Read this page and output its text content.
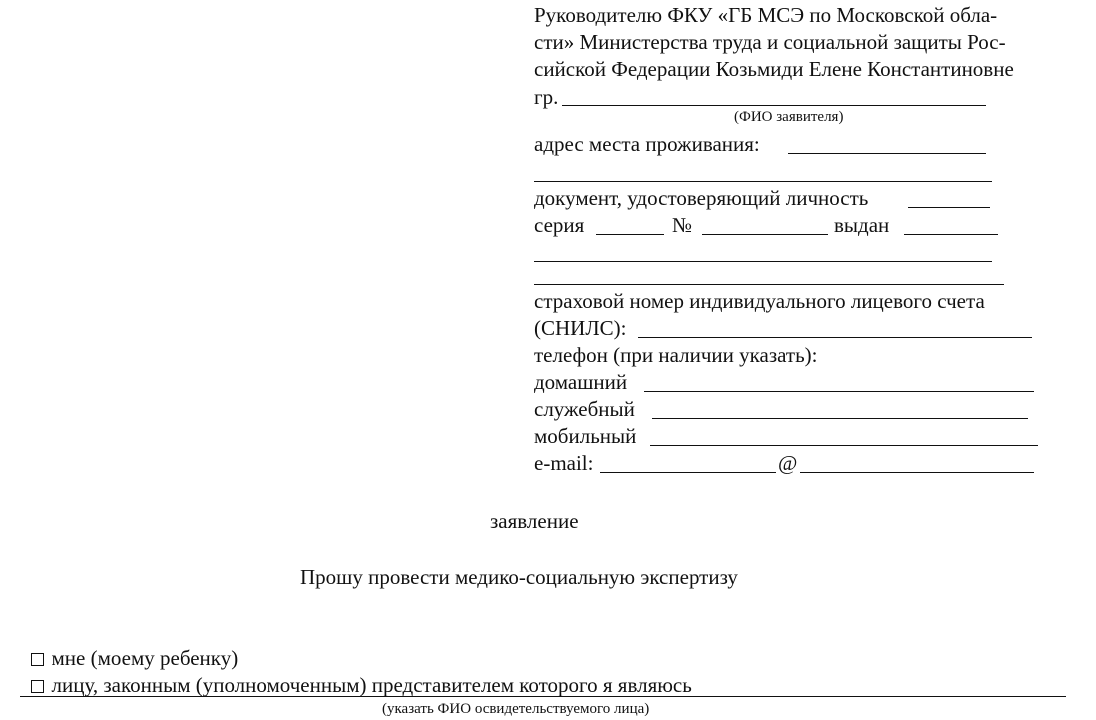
Руководителю ФКУ «ГБ МСЭ по Московской обла-
сти» Министерства труда и социальной защиты Рос-
сийской Федерации Козьмиди Елене Константиновне
гр.
(ФИО заявителя)
адрес места проживания:
документ, удостоверяющий личность
серия	№	выдан
страховой номер индивидуального лицевого счета
(СНИЛС):
телефон (при наличии указать):
домашний
служебный
мобильный
e-mail:	@
заявление
Прошу провести медико-социальную экспертизу

мне (моему ребенку)

лицу, законным (уполномоченным) представителем которого я являюсь

(указать ФИО освидетельствуемого лица)
